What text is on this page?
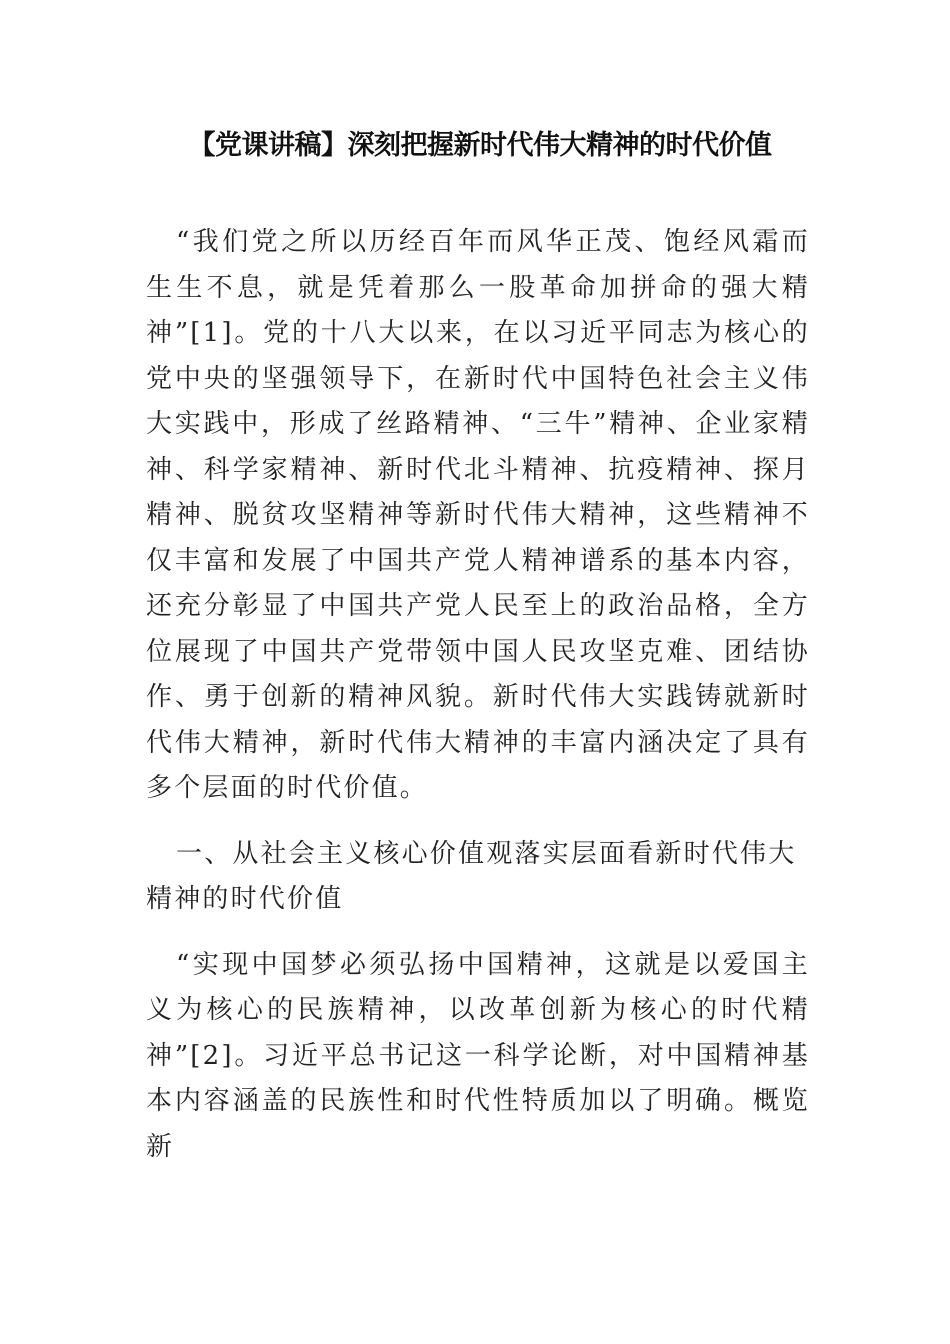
【党课讲稿】深刻把握新时代伟大精神的时代价值

“我们党之所以历经百年而风华正茂、饱经风霜而生生不息，就是凭着那么一股革命加拼命的强大精神”[1]。党的十八大以来，在以习近平同志为核心的党中央的坚强领导下，在新时代中国特色社会主义伟大实践中，形成了丝路精神、“三牛”精神、企业家精神、科学家精神、新时代北斗精神、抗疫精神、探月精神、脱贫攻坚精神等新时代伟大精神，这些精神不仅丰富和发展了中国共产党人精神谱系的基本内容，还充分彰显了中国共产党人民至上的政治品格，全方位展现了中国共产党带领中国人民攻坚克难、团结协作、勇于创新的精神风貌。新时代伟大实践铸就新时代伟大精神，新时代伟大精神的丰富内涵决定了具有多个层面的时代价值。

一、从社会主义核心价值观落实层面看新时代伟大精神的时代价值

“实现中国梦必须弘扬中国精神，这就是以爱国主义为核心的民族精神，以改革创新为核心的时代精神”[2]。习近平总书记这一科学论断，对中国精神基本内容涵盖的民族性和时代性特质加以了明确。概览新
